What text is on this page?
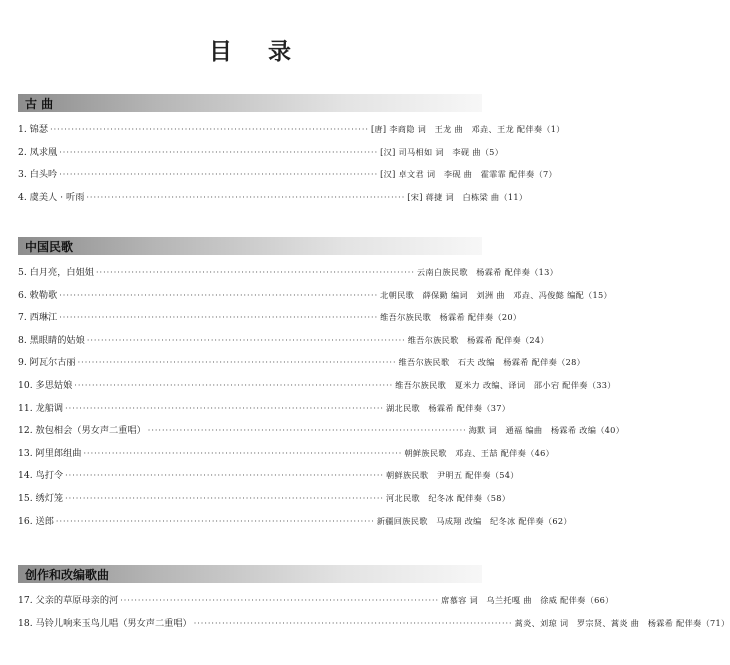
目 录
古 曲
1. 锦瑟 ·························································································· [唐] 李商隐 词　王龙 曲　邓垚、王龙 配伴奏（1）
2. 凤求凰 ·························································································· [汉] 司马相如 词　李砚 曲（5）
3. 白头吟 ·························································································· [汉] 卓文君 词　李砚 曲　霍霏霏 配伴奏（7）
4. 虞美人 · 听雨 ·························································································· [宋] 蒋捷 词　白栋梁 曲（11）
中国民歌
5. 白月亮，白姐姐 ·························································································· 云南白族民歌　杨霖希 配伴奏（13）
6. 敕勒歌 ·························································································· 北朝民歌　薛保勤 编词　刘洲 曲　邓垚、冯俊懿 编配（15）
7. 西琳江 ·························································································· 维吾尔族民歌　杨霖希 配伴奏（20）
8. 黑眼睛的姑娘 ·························································································· 维吾尔族民歌　杨霖希 配伴奏（24）
9. 阿瓦尔古丽 ·························································································· 维吾尔族民歌　石夫 改编　杨霖希 配伴奏（28）
10. 多思姑娘 ·························································································· 维吾尔族民歌　夏米力 改编、译词　邵小宕 配伴奏（33）
11. 龙船调 ·························································································· 湖北民歌　杨霖希 配伴奏（37）
12. 敖包相会（男女声二重唱） ·························································································· 海默 词　通福 编曲　杨霖希 改编（40）
13. 阿里郎组曲 ·························································································· 朝鲜族民歌　邓垚、王喆 配伴奏（46）
14. 鸟打令 ·························································································· 朝鲜族民歌　尹明五 配伴奏（54）
15. 绣灯笼 ·························································································· 河北民歌　纪冬冰 配伴奏（58）
16. 送郎 ·························································································· 新疆回族民歌　马成翔 改编　纪冬冰 配伴奏（62）
创作和改编歌曲
17. 父亲的草原母亲的河 ·························································································· 席慕容 词　乌兰托嘎 曲　徐威 配伴奏（66）
18. 马铃儿响来玉鸟儿唱（男女声二重唱） ·························································································· 蒿炎、刘琼 词　罗宗贤、蒿炎 曲　杨霖希 配伴奏（71）
